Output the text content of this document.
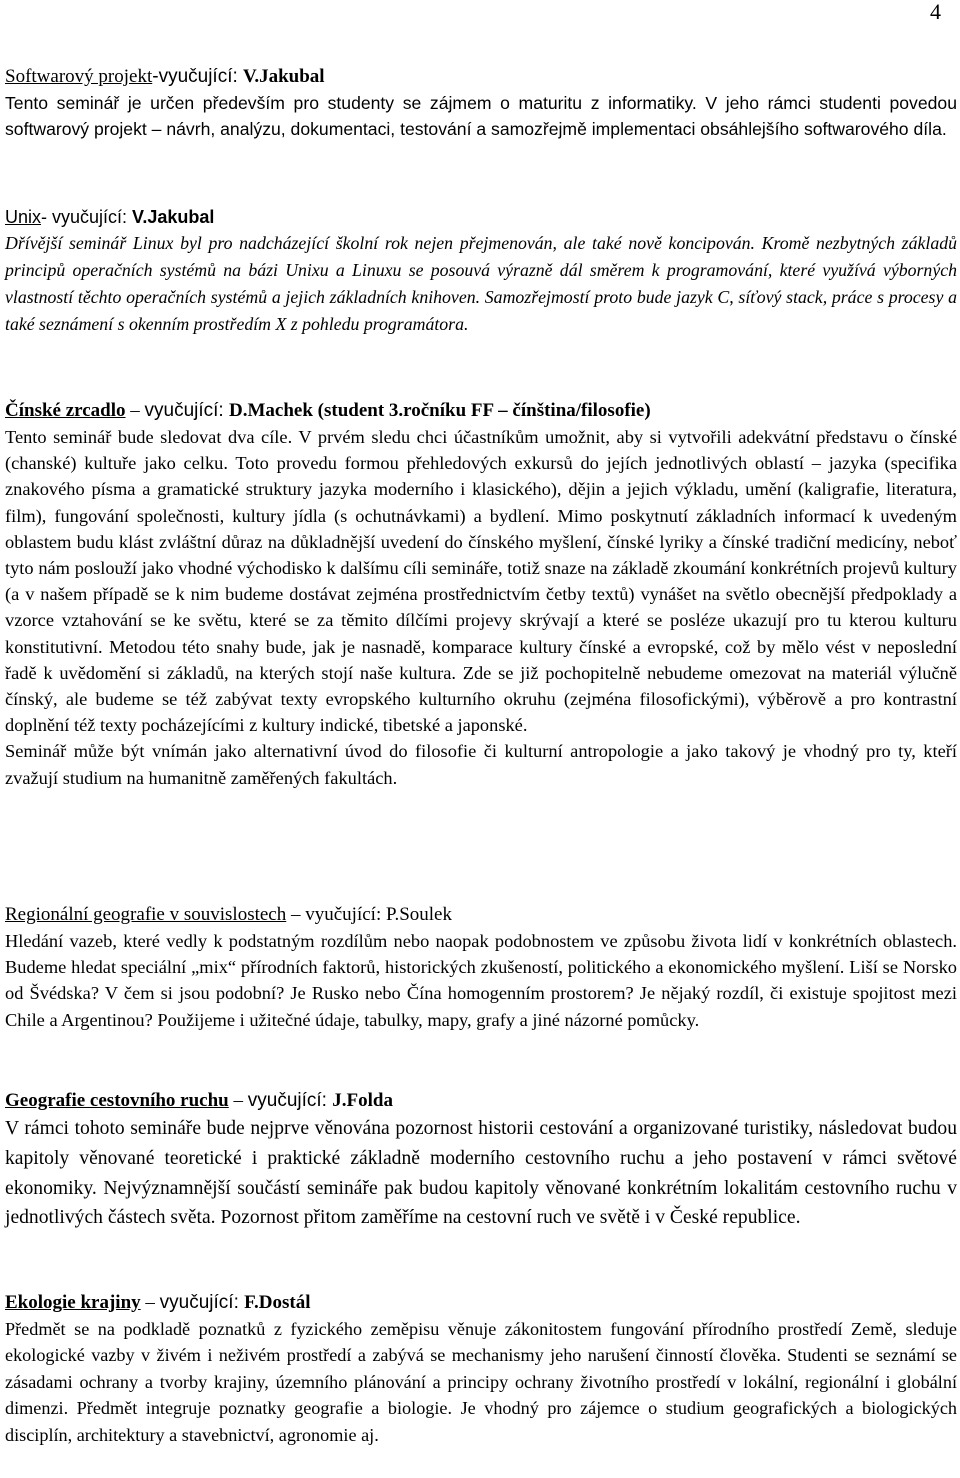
4
Softwarový projekt-vyučující: V.Jakubal

Tento seminář je určen především pro studenty se zájmem o maturitu z informatiky. V jeho rámci studenti povedou softwarový projekt – návrh, analýzu, dokumentaci, testování a samozřejmě implementaci obsáhlejšího softwarového díla.

Unix- vyučující: V.Jakubal

Dřívější seminář Linux byl pro nadcházející školní rok nejen přejmenován, ale také nově koncipován. Kromě nezbytných základů principů operačních systémů na bázi Unixu a Linuxu se posouvá výrazně dál směrem k programování, které využívá výborných vlastností těchto operačních systémů a jejich základních knihoven. Samozřejmostí proto bude jazyk C, síťový stack, práce s procesy a také seznámení s okenním prostředím X z pohledu programátora.

Čínské zrcadlo – vyučující: D.Machek (student 3.ročníku FF – čínština/filosofie)

Tento seminář bude sledovat dva cíle. V prvém sledu chci účastníkům umožnit, aby si vytvořili adekvátní představu o čínské (chanské) kultuře jako celku. Toto provedu formou přehledových exkursů do jejích jednotlivých oblastí – jazyka (specifika znakového písma a gramatické struktury jazyka moderního i klasického), dějin a jejich výkladu, umění (kaligrafie, literatura, film), fungování společnosti, kultury jídla (s ochutnávkami) a bydlení. Mimo poskytnutí základních informací k uvedeným oblastem budu klást zvláštní důraz na důkladnější uvedení do čínského myšlení, čínské lyriky a čínské tradiční medicíny, neboť tyto nám poslouží jako vhodné východisko k dalšímu cíli semináře, totiž snaze na základě zkoumání konkrétních projevů kultury (a v našem případě se k nim budeme dostávat zejména prostřednictvím četby textů) vynášet na světlo obecnější předpoklady a vzorce vztahování se ke světu, které se za těmito dílčími projevy skrývají a které se posléze ukazují pro tu kterou kulturu konstitutivní. Metodou této snahy bude, jak je nasnadě, komparace kultury čínské a evropské, což by mělo vést v neposlední řadě k uvědomění si základů, na kterých stojí naše kultura. Zde se již pochopitelně nebudeme omezovat na materiál výlučně čínský, ale budeme se též zabývat texty evropského kulturního okruhu (zejména filosofickými), výběrově a pro kontrastní doplnění též texty pocházejícími z kultury indické, tibetské a japonské.

Seminář může být vnímán jako alternativní úvod do filosofie či kulturní antropologie a jako takový je vhodný pro ty, kteří zvažují studium na humanitně zaměřených fakultách.

Regionální geografie v souvislostech – vyučující: P.Soulek

Hledání vazeb, které vedly k podstatným rozdílům nebo naopak podobnostem ve způsobu života lidí v konkrétních oblastech. Budeme hledat speciální „mix“ přírodních faktorů, historických zkušeností, politického a ekonomického myšlení. Liší se Norsko od Švédska? V čem si jsou podobní? Je Rusko nebo Čína homogenním prostorem? Je nějaký rozdíl, či existuje spojitost mezi Chile a Argentinou? Použijeme i užitečné údaje, tabulky, mapy, grafy a jiné názorné pomůcky.

Geografie cestovního ruchu – vyučující: J.Folda

V rámci tohoto semináře bude nejprve věnována pozornost historii cestování a organizované turistiky, následovat budou kapitoly věnované teoretické i praktické základně moderního cestovního ruchu a jeho postavení v rámci světové ekonomiky. Nejvýznamnější součástí semináře pak budou kapitoly věnované konkrétním lokalitám cestovního ruchu v jednotlivých částech světa. Pozornost přitom zaměříme na cestovní ruch ve světě i v České republice.

Ekologie krajiny – vyučující: F.Dostál

Předmět se na podkladě poznatků z fyzického zeměpisu věnuje zákonitostem fungování přírodního prostředí Země, sleduje ekologické vazby v živém i neživém prostředí a zabývá se mechanismy jeho narušení činností člověka. Studenti se seznámí se zásadami ochrany a tvorby krajiny, územního plánování a principy ochrany životního prostředí v lokální, regionální i globální dimenzi. Předmět integruje poznatky geografie a biologie. Je vhodný pro zájemce o studium geografických a biologických disciplín, architektury a stavebnictví, agronomie aj.
